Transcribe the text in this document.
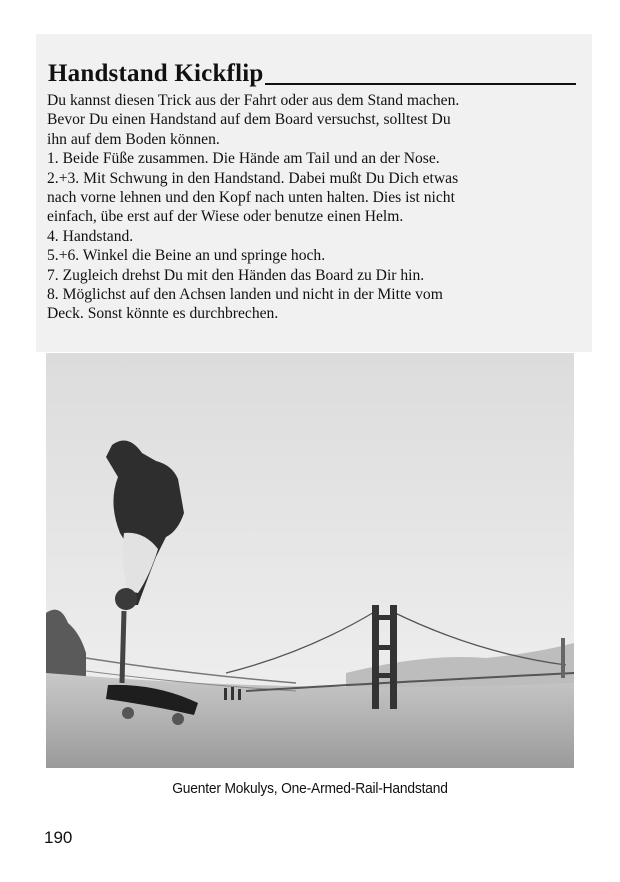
Handstand Kickflip
Du kannst diesen Trick aus der Fahrt oder aus dem Stand machen.
Bevor Du einen Handstand auf dem Board versuchst, solltest Du
ihn auf dem Boden können.
1. Beide Füße zusammen. Die Hände am Tail und an der Nose.
2.+3. Mit Schwung in den Handstand. Dabei mußt Du Dich etwas
nach vorne lehnen und den Kopf nach unten halten. Dies ist nicht
einfach, übe erst auf der Wiese oder benutze einen Helm.
4. Handstand.
5.+6. Winkel die Beine an und springe hoch.
7. Zugleich drehst Du mit den Händen das Board zu Dir hin.
8. Möglichst auf den Achsen landen und nicht in der Mitte vom
Deck. Sonst könnte es durchbrechen.
Guenter Mokulys, One-Armed-Rail-Handstand
190
